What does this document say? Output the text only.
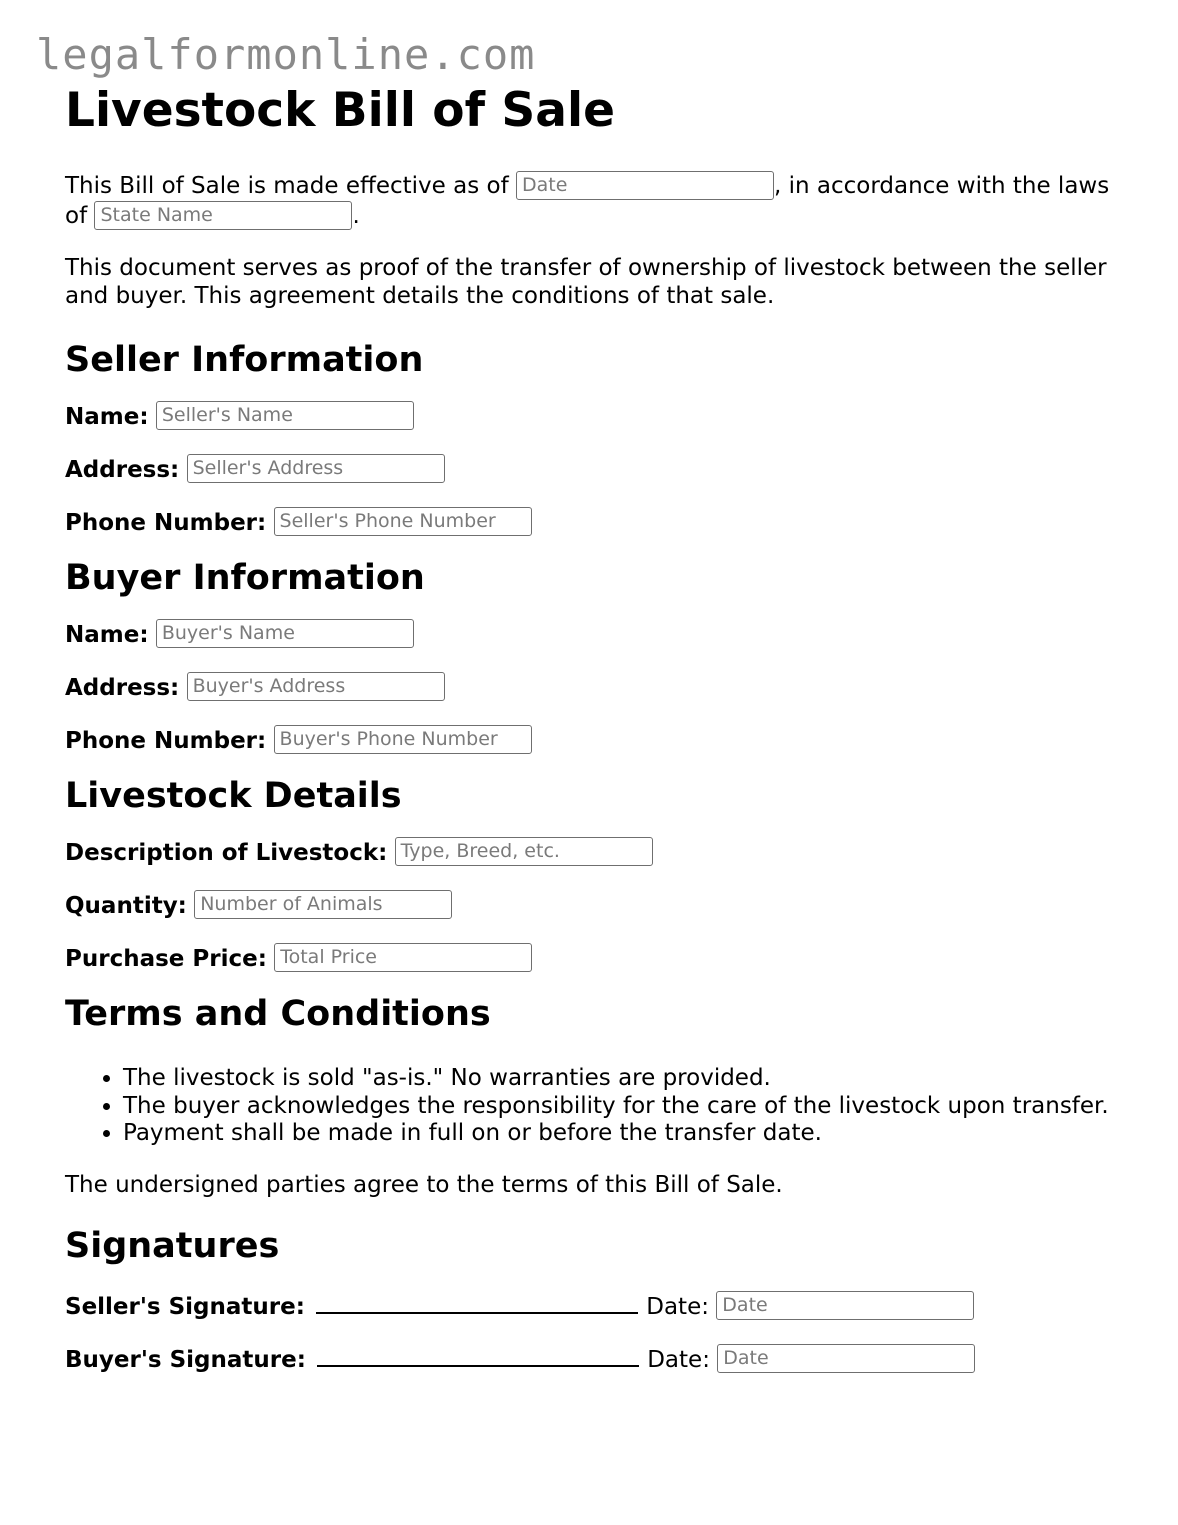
legalformonline.com
Livestock Bill of Sale

This Bill of Sale is made effective as of Date	, in accordance with the laws of State Name	.

This document serves as proof of the transfer of ownership of livestock between the seller and buyer. This agreement details the conditions of that sale.

Seller Information
Name: Seller's Name
Address: Seller's Address
Phone Number: Seller's Phone Number
Buyer Information
Name: Buyer's Name
Address: Buyer's Address
Phone Number: Buyer's Phone Number
Livestock Details
Description of Livestock: Type, Breed, etc.
Quantity: Number of Animals
Purchase Price: Total Price
Terms and Conditions
• The livestock is sold "as-is." No warranties are provided.
• The buyer acknowledges the responsibility for the care of the livestock upon transfer.
• Payment shall be made in full on or before the transfer date.

The undersigned parties agree to the terms of this Bill of Sale.

Signatures
Seller's Signature:	Date: Date
Buyer's Signature:	Date: Date
